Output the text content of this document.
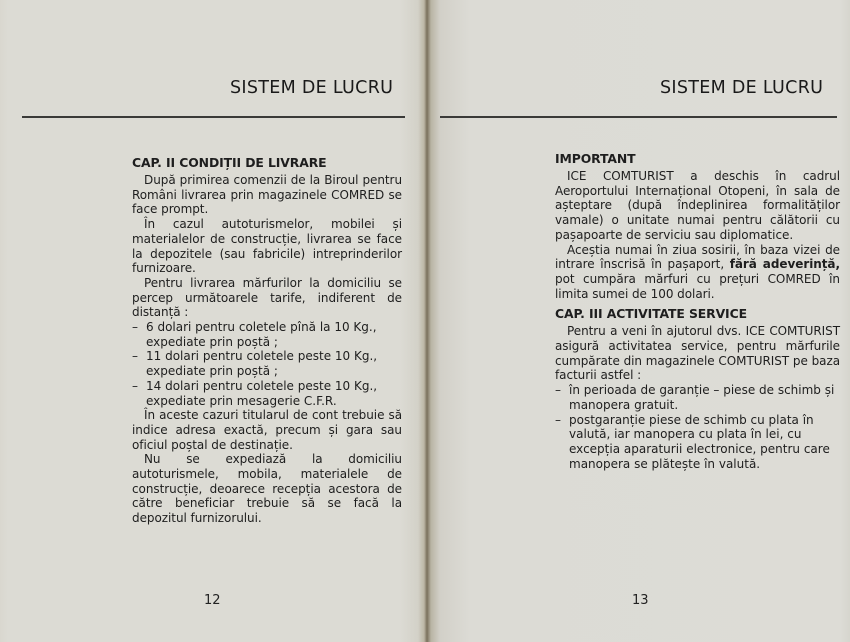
SISTEM DE LUCRU
CAP. II CONDIȚII DE LIVRARE

După primirea comenzii de la Biroul pentru Români livrarea prin magazinele COMRED se face prompt.

În cazul autoturismelor, mobilei și materialelor de construcție, livrarea se face la depozitele (sau fabricile) intreprinderilor furnizoare.

Pentru livrarea mărfurilor la domiciliu se percep următoarele tarife, indiferent de distanță :

– 6 dolari pentru coletele pînă la 10 Kg., expediate prin poștă ;
– 11 dolari pentru coletele peste 10 Kg., expediate prin poștă ;
– 14 dolari pentru coletele peste 10 Kg., expediate prin mesagerie C.F.R.

În aceste cazuri titularul de cont trebuie să indice adresa exactă, precum și gara sau oficiul poștal de destinație.

Nu se expediază la domiciliu autoturismele, mobila, materialele de construcție, deoarece recepția acestora de către beneficiar trebuie să se facă la depozitul furnizorului.

12
SISTEM DE LUCRU
IMPORTANT

ICE COMTURIST a deschis în cadrul Aeroportului Internațional Otopeni, în sala de așteptare (după îndeplinirea formalităților vamale) o unitate numai pentru călătorii cu pașapoarte de serviciu sau diplomatice.

Aceștia numai în ziua sosirii, în baza vizei de intrare înscrisă în pașaport, fără adeverință, pot cumpăra mărfuri cu prețuri COMRED în limita sumei de 100 dolari.

CAP. III ACTIVITATE SERVICE

Pentru a veni în ajutorul dvs. ICE COMTURIST asigură activitatea service, pentru mărfurile cumpărate din magazinele COMTURIST pe baza facturii astfel :

– în perioada de garanție – piese de schimb și manopera gratuit.
– postgaranție piese de schimb cu plata în valută, iar manopera cu plata în lei, cu excepția aparaturii electronice, pentru care manopera se plătește în valută.
13
